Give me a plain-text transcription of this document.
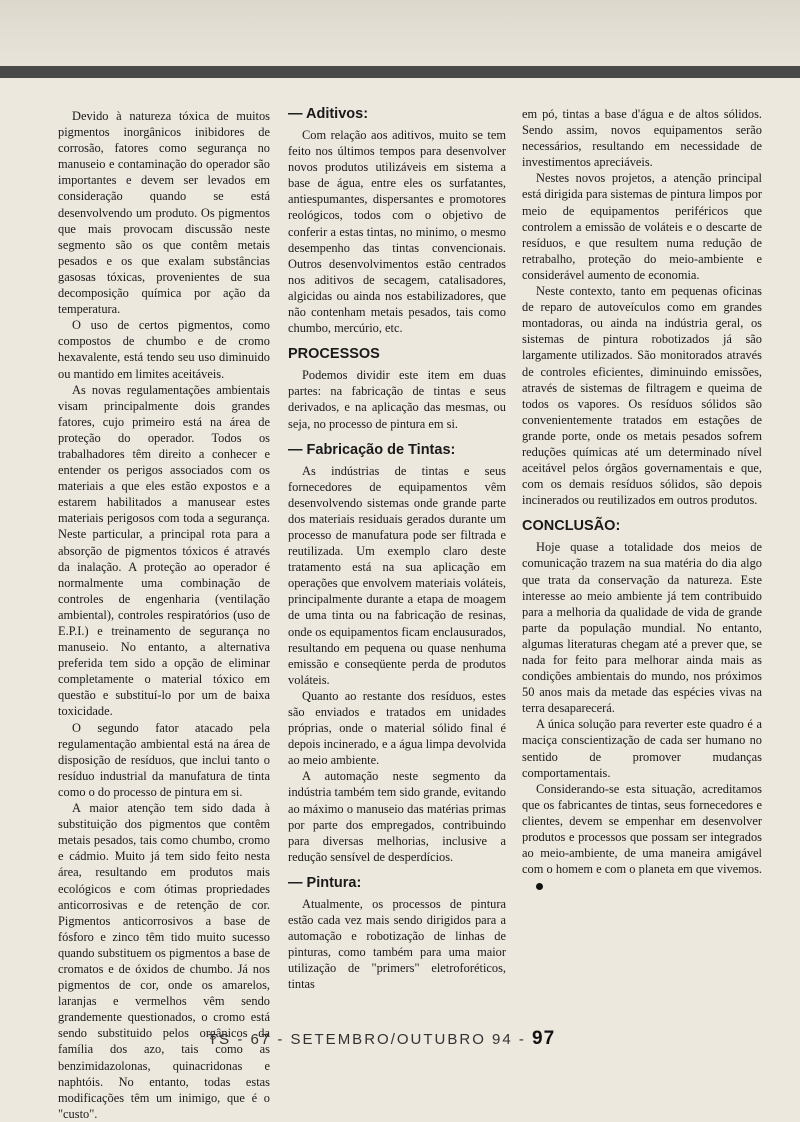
Devido à natureza tóxica de muitos pigmentos inorgânicos inibidores de corrosão, fatores como segurança no manuseio e contaminação do operador são importantes e devem ser levados em consideração quando se está desenvolvendo um produto. Os pigmentos que mais provocam discussão neste segmento são os que contêm metais pesados e os que exalam substâncias gasosas tóxicas, provenientes de sua decomposição química por ação da temperatura.

O uso de certos pigmentos, como compostos de chumbo e de cromo hexavalente, está tendo seu uso diminuido ou mantido em limites aceitáveis.

As novas regulamentações ambientais visam principalmente dois grandes fatores, cujo primeiro está na área de proteção do operador. Todos os trabalhadores têm direito a conhecer e entender os perigos associados com os materiais a que eles estão expostos e a estarem habilitados a manusear estes materiais perigosos com toda a segurança. Neste particular, a principal rota para a absorção de pigmentos tóxicos é através da inalação. A proteção ao operador é normalmente uma combinação de controles de engenharia (ventilação ambiental), controles respiratórios (uso de E.P.I.) e treinamento de segurança no manuseio. No entanto, a alternativa preferida tem sido a opção de eliminar completamente o material tóxico em questão e substituí-lo por um de baixa toxicidade.

O segundo fator atacado pela regulamentação ambiental está na área de disposição de resíduos, que inclui tanto o resíduo industrial da manufatura de tinta como o do processo de pintura em si.

A maior atenção tem sido dada à substituição dos pigmentos que contêm metais pesados, tais como chumbo, cromo e cádmio. Muito já tem sido feito nesta área, resultando em produtos mais ecológicos e com ótimas propriedades anticorrosivas e de retenção de cor. Pigmentos anticorrosivos a base de fósforo e zinco têm tido muito sucesso quando substituem os pigmentos a base de cromatos e de óxidos de chumbo. Já nos pigmentos de cor, onde os amarelos, laranjas e vermelhos vêm sendo grandemente questionados, o cromo está sendo substituido pelos orgânicos da família dos azo, tais como as benzimidazolonas, quinacridonas e naphtóis. No entanto, todas estas modificações têm um inimigo, que é o "custo".

— Aditivos:

Com relação aos aditivos, muito se tem feito nos últimos tempos para desenvolver novos produtos utilizáveis em sistema a base de água, entre eles os surfatantes, antiespumantes, dispersantes e promotores reológicos, todos com o objetivo de conferir a estas tintas, no minimo, o mesmo desempenho das tintas convencionais. Outros desenvolvimentos estão centrados nos aditivos de secagem, catalisadores, algicidas ou ainda nos estabilizadores, que não contenham metais pesados, tais como chumbo, mercúrio, etc.

PROCESSOS

Podemos dividir este item em duas partes: na fabricação de tintas e seus derivados, e na aplicação das mesmas, ou seja, no processo de pintura em si.

— Fabricação de Tintas:

As indústrias de tintas e seus fornecedores de equipamentos vêm desenvolvendo sistemas onde grande parte dos materiais residuais gerados durante um processo de manufatura pode ser filtrada e reutilizada. Um exemplo claro deste tratamento está na sua aplicação em operações que envolvem materiais voláteis, principalmente durante a etapa de moagem de uma tinta ou na fabricação de resinas, onde os equipamentos ficam enclausurados, resultando em pequena ou quase nenhuma emissão e conseqüente perda de produtos voláteis.

Quanto ao restante dos resíduos, estes são enviados e tratados em unidades próprias, onde o material sólido final é depois incinerado, e a água limpa devolvida ao meio ambiente.

A automação neste segmento da indústria também tem sido grande, evitando ao máximo o manuseio das matérias primas por parte dos empregados, contribuindo para diversas melhorias, inclusive a redução sensível de desperdícios.

— Pintura:

Atualmente, os processos de pintura estão cada vez mais sendo dirigidos para a automação e robotização de linhas de pinturas, como também para uma maior utilização de "primers" eletroforéticos, tintas

em pó, tintas a base d'água e de altos sólidos. Sendo assim, novos equipamentos serão necessários, resultando em necessidade de investimentos apreciáveis.

Nestes novos projetos, a atenção principal está dirigida para sistemas de pintura limpos por meio de equipamentos periféricos que controlem a emissão de voláteis e o descarte de resíduos, e que resultem numa redução de retrabalho, proteção do meio-ambiente e considerável aumento de economia.

Neste contexto, tanto em pequenas oficinas de reparo de autoveículos como em grandes montadoras, ou ainda na indústria geral, os sistemas de pintura robotizados já são largamente utilizados. São monitorados através de controles eficientes, diminuindo emissões, através de sistemas de filtragem e queima de todos os vapores. Os resíduos sólidos são convenientemente tratados em estações de grande porte, onde os metais pesados sofrem reduções químicas até um determinado nível aceitável pelos órgãos governamentais e que, com os demais resíduos sólidos, são depois incinerados ou reutilizados em outros produtos.

CONCLUSÃO:

Hoje quase a totalidade dos meios de comunicação trazem na sua matéria do dia algo que trata da conservação da natureza. Este interesse ao meio ambiente já tem contribuido para a melhoria da qualidade de vida de grande parte da população mundial. No entanto, algumas literaturas chegam até a prever que, se nada for feito para melhorar ainda mais as condições ambientais do mundo, nos próximos 50 anos mais da metade das espécies vivas na terra desaparecerá.

A única solução para reverter este quadro é a maciça conscientização de cada ser humano no sentido de promover mudanças comportamentais.

Considerando-se esta situação, acreditamos que os fabricantes de tintas, seus fornecedores e clientes, devem se empenhar em desenvolver produtos e processos que possam ser integrados ao meio-ambiente, de uma maneira amigável com o homem e com o planeta em que vivemos.

TS - 67 - SETEMBRO/OUTUBRO 94 - 97
